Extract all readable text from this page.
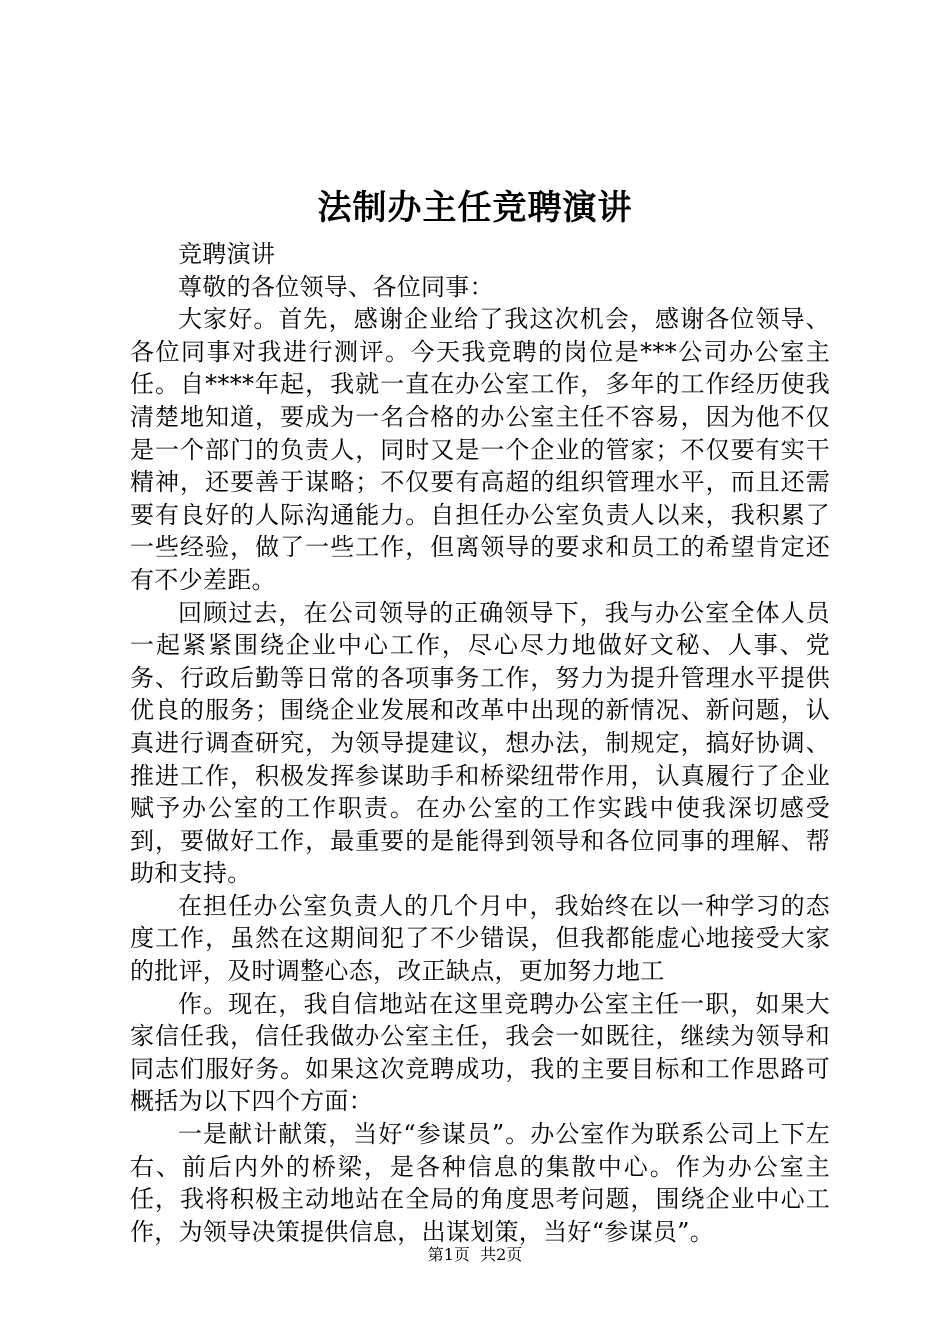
法制办主任竞聘演讲

竞聘演讲

尊敬的各位领导、各位同事：

大家好。首先，感谢企业给了我这次机会，感谢各位领导、各位同事对我进行测评。今天我竞聘的岗位是***公司办公室主任。自****年起，我就一直在办公室工作，多年的工作经历使我清楚地知道，要成为一名合格的办公室主任不容易，因为他不仅是一个部门的负责人，同时又是一个企业的管家；不仅要有实干精神，还要善于谋略；不仅要有高超的组织管理水平，而且还需要有良好的人际沟通能力。自担任办公室负责人以来，我积累了一些经验，做了一些工作，但离领导的要求和员工的希望肯定还有不少差距。

回顾过去，在公司领导的正确领导下，我与办公室全体人员一起紧紧围绕企业中心工作，尽心尽力地做好文秘、人事、党务、行政后勤等日常的各项事务工作，努力为提升管理水平提供优良的服务；围绕企业发展和改革中出现的新情况、新问题，认真进行调查研究，为领导提建议，想办法，制规定，搞好协调、推进工作，积极发挥参谋助手和桥梁纽带作用，认真履行了企业赋予办公室的工作职责。在办公室的工作实践中使我深切感受到，要做好工作，最重要的是能得到领导和各位同事的理解、帮助和支持。

在担任办公室负责人的几个月中，我始终在以一种学习的态度工作，虽然在这期间犯了不少错误，但我都能虚心地接受大家的批评，及时调整心态，改正缺点，更加努力地工

作。现在，我自信地站在这里竞聘办公室主任一职，如果大家信任我，信任我做办公室主任，我会一如既往，继续为领导和同志们服好务。如果这次竞聘成功，我的主要目标和工作思路可概括为以下四个方面：

一是献计献策，当好“参谋员”。办公室作为联系公司上下左右、前后内外的桥梁，是各种信息的集散中心。作为办公室主任，我将积极主动地站在全局的角度思考问题，围绕企业中心工作，为领导决策提供信息，出谋划策，当好“参谋员”。

第1页 共2页
